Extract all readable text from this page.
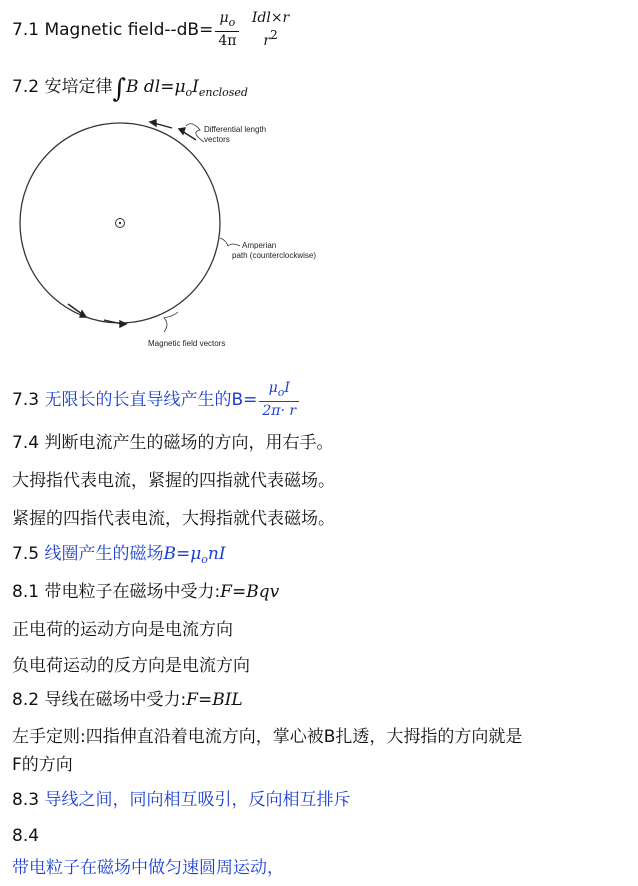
7.1 Magnetic field--dB= $\frac{\mu_o}{4\pi}$
Idl×r
r2
7.2 安培定律∫B $dl=\mu_oI_{enclosed}$
Differential length
vectors
Amperian
path (counterclockwise)
Magnetic field vectors
7.3 无限长的长直导线产生的$B= \frac{\mu_oI}{2\pi\cdot r}$
7.4 判断电流产生的磁场的方向，用右手。
大拇指代表电流，紧握的四指就代表磁场。
紧握的四指代表电流，大拇指就代表磁场。
7.5 线圈产生的磁场$B=\mu_onI$
8.1 带电粒子在磁场中受力:F=Bqv
正电荷的运动方向是电流方向
负电荷运动的反方向是电流方向
8.2 导线在磁场中受力:F=BIL
左手定则:四指伸直沿着电流方向，掌心被B扎透，大拇指的方向就是
F的方向
8.3 导线之间，同向相互吸引，反向相互排斥
8.4
带电粒子在磁场中做匀速圆周运动，
